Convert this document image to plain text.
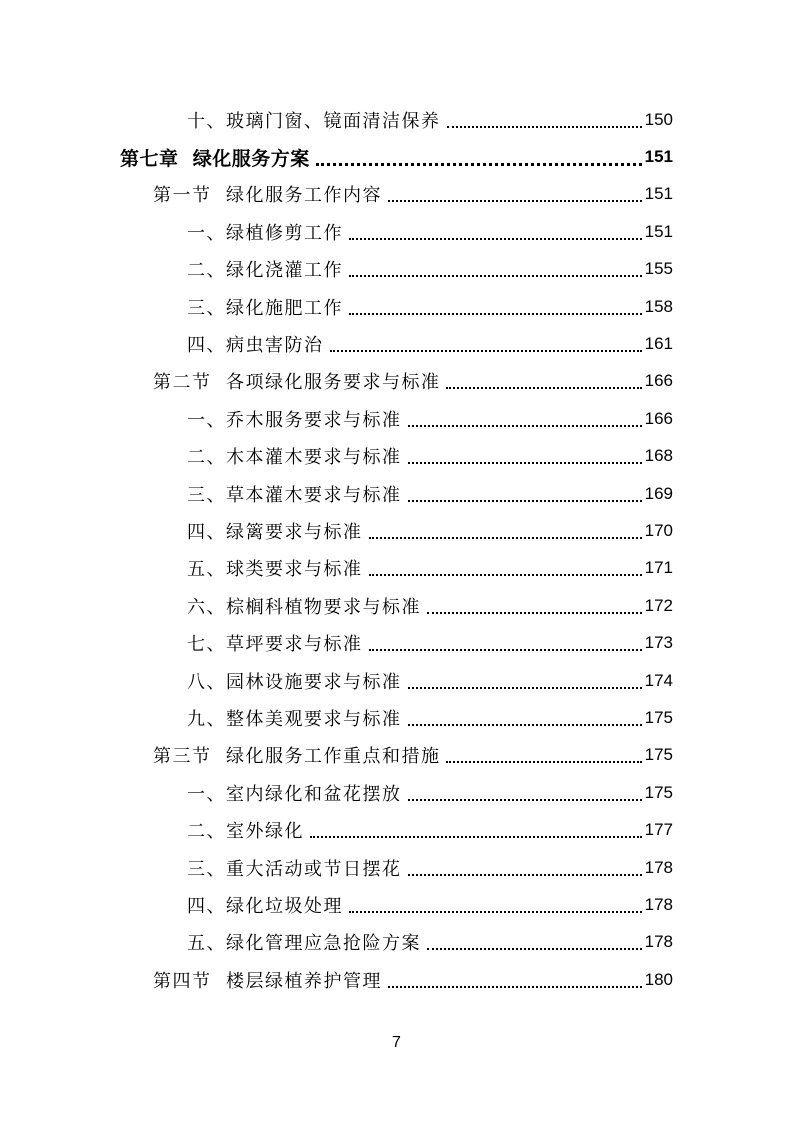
十、玻璃门窗、镜面清洁保养	150
第七章  绿化服务方案	151
第一节  绿化服务工作内容	151
一、绿植修剪工作	151
二、绿化浇灌工作	155
三、绿化施肥工作	158
四、病虫害防治	161
第二节  各项绿化服务要求与标准	166
一、乔木服务要求与标准	166
二、木本灌木要求与标准	168
三、草本灌木要求与标准	169
四、绿篱要求与标准	170
五、球类要求与标准	171
六、棕榈科植物要求与标准	172
七、草坪要求与标准	173
八、园林设施要求与标准	174
九、整体美观要求与标准	175
第三节  绿化服务工作重点和措施	175
一、室内绿化和盆花摆放	175
二、室外绿化	177
三、重大活动或节日摆花	178
四、绿化垃圾处理	178
五、绿化管理应急抢险方案	178
第四节  楼层绿植养护管理	180
7
